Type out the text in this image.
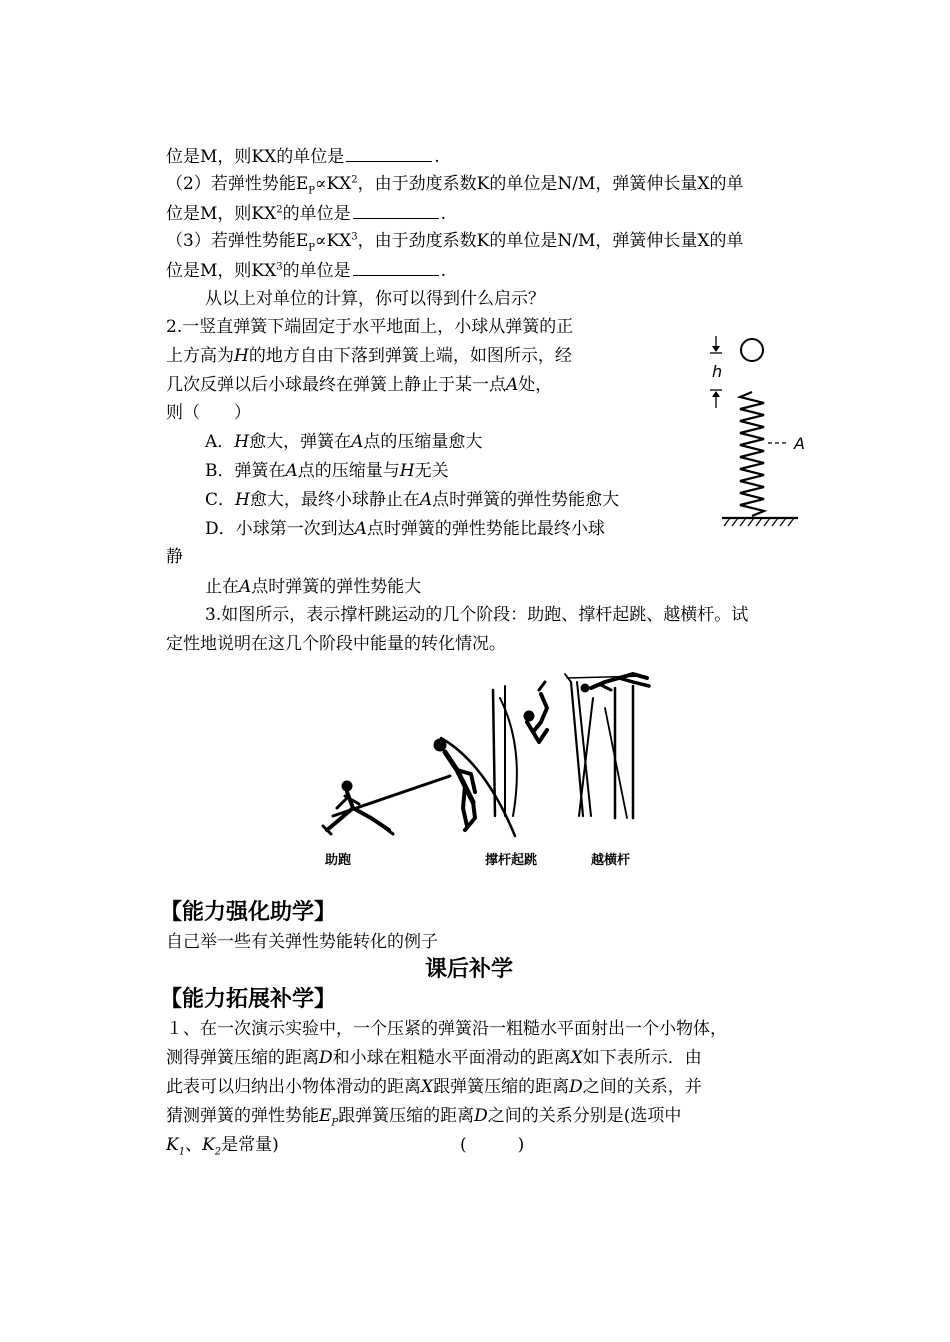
位是M，则KX的单位是	.
（2）若弹性势能$E_P\propto KX^2$，由于劲度系数K的单位是N/M，弹簧伸长量X的单
位是M，则$KX^2$的单位是	.
（3）若弹性势能$E_P\propto KX^3$，由于劲度系数K的单位是N/M，弹簧伸长量X的单
位是M，则$KX^3$的单位是	.
从以上对单位的计算，你可以得到什么启示？
2.一竖直弹簧下端固定于水平地面上，小球从弹簧的正
上方高为H的地方自由下落到弹簧上端，如图所示，经
几次反弹以后小球最终在弹簧上静止于某一点A处，
则（　　）
A．H愈大，弹簧在A点的压缩量愈大
B．弹簧在A点的压缩量与H无关
C．H愈大，最终小球静止在A点时弹簧的弹性势能愈大
D．小球第一次到达A点时弹簧的弹性势能比最终小球
静
止在A点时弹簧的弹性势能大
h
A
3.如图所示，表示撑杆跳运动的几个阶段：助跑、撑杆起跳、越横杆。试
定性地说明在这几个阶段中能量的转化情况。
助跑	撑杆起跳	越横杆
【能力强化助学】
自己举一些有关弹性势能转化的例子
课后补学
【能力拓展补学】
１、在一次演示实验中，一个压紧的弹簧沿一粗糙水平面射出一个小物体，
测得弹簧压缩的距离D和小球在粗糙水平面滑动的距离X如下表所示．由
此表可以归纳出小物体滑动的距离X跟弹簧压缩的距离D之间的关系，并
猜测弹簧的弹性势能$E_P$跟弹簧压缩的距离D之间的关系分别是(选项中
$K_1$、$K_2$是常量)	(　　　)
